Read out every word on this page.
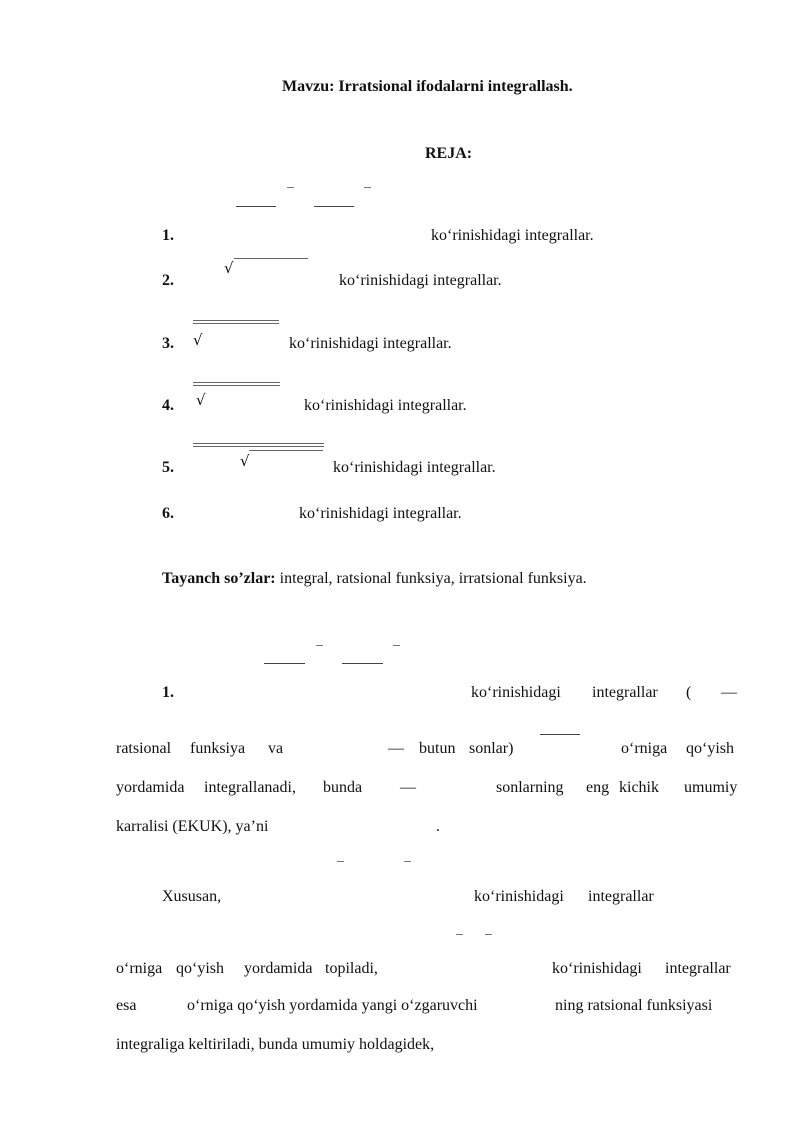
Mavzu: Irratsional ifodalarni integrallash.
REJA:
1.	koʻrinishidagi integrallar.
2.
√
koʻrinishidagi integrallar.
3. √	koʻrinishidagi integrallar.
4. √	koʻrinishidagi integrallar.
5.	√	koʻrinishidagi integrallar.
6.	koʻrinishidagi integrallar.
Tayanch so’zlar: integral, ratsional funksiya, irratsional funksiya.
1.	koʻrinishidagi integrallar ( —
ratsional funksiya va	— butun sonlar)	oʻrniga qoʻyish
yordamida integrallanadi, bunda —	sonlarning eng kichik umumiy
karralisi (EKUK), ya’ni	.
Xususan,	koʻrinishidagi integrallar
oʻrniga qoʻyish yordamida topiladi,	koʻrinishidagi integrallar
esa	oʻrniga qoʻyish yordamida yangi oʻzgaruvchi	ning ratsional funksiyasi
integraliga keltiriladi, bunda umumiy holdagidek,
